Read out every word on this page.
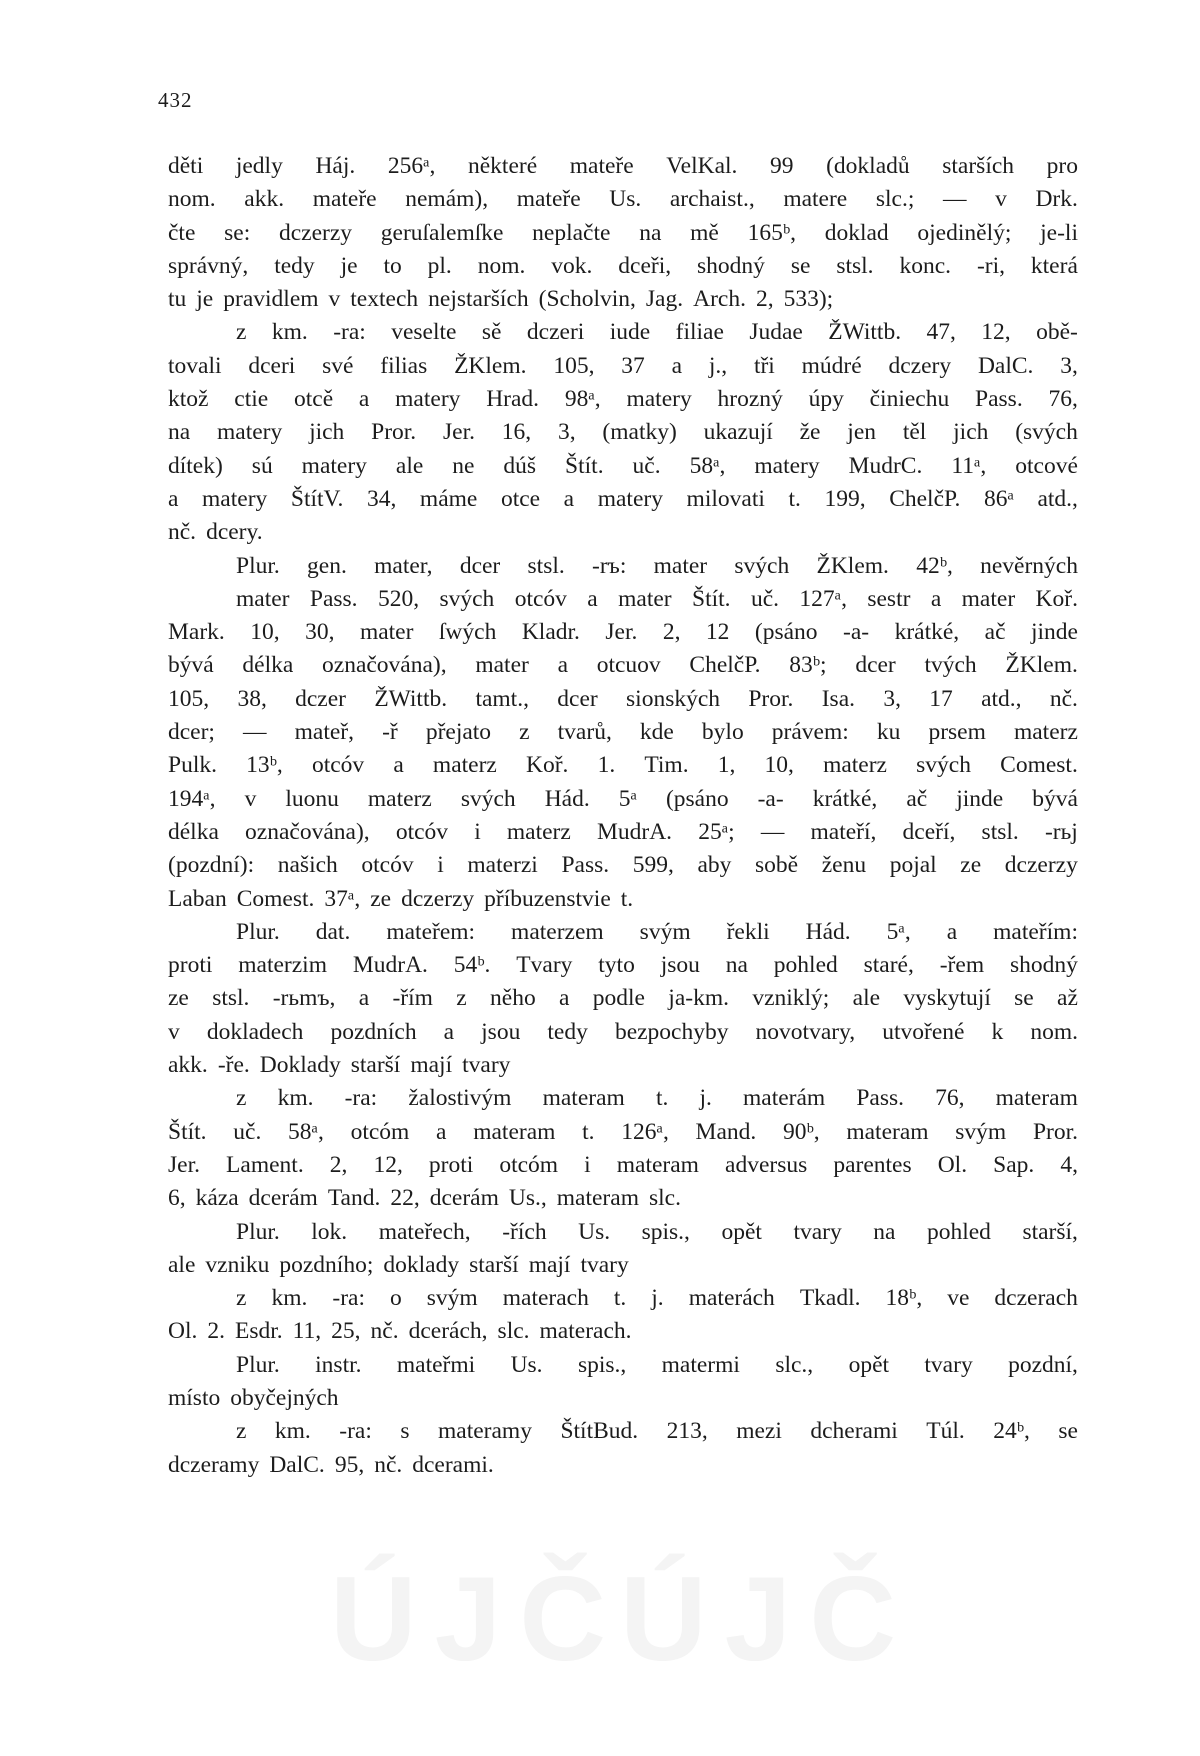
432
děti jedly Háj. 256ᵃ, některé mateře VelKal. 99 (dokladů starších pro
nom. akk. mateře nemám), mateře Us. archaist., matere slc.; — v Drk.
čte se: dczerzy geruſalemſke neplačte na mě 165ᵇ, doklad ojedinělý; je-li
správný, tedy je to pl. nom. vok. dceři, shodný se stsl. konc. -ri, která
tu je pravidlem v textech nejstarších (Scholvin, Jag. Arch. 2, 533);
z km. -ra: veselte sě dczeri iude filiae Judae ŽWittb. 47, 12, obě-
tovali dceri své filias ŽKlem. 105, 37 a j., tři múdré dczery DalC. 3,
ktož ctie otcě a matery Hrad. 98ᵃ, matery hrozný úpy činiechu Pass. 76,
na matery jich Pror. Jer. 16, 3, (matky) ukazují že jen těl jich (svých
dítek) sú matery ale ne dúš Štít. uč. 58ᵃ, matery MudrC. 11ᵃ, otcové
a matery ŠtítV. 34, máme otce a matery milovati t. 199, ChelčP. 86ᵃ atd.,
nč. dcery.
Plur. gen. mater, dcer stsl. -rъ: mater svých ŽKlem. 42ᵇ, nevěrných
mater Pass. 520, svých otcóv a mater Štít. uč. 127ᵃ, sestr a mater Koř.
Mark. 10, 30, mater ſwých Kladr. Jer. 2, 12 (psáno -a- krátké, ač jinde
bývá délka označována), mater a otcuov ChelčP. 83ᵇ; dcer tvých ŽKlem.
105, 38, dczer ŽWittb. tamt., dcer sionských Pror. Isa. 3, 17 atd., nč.
dcer; — mateř, -ř přejato z tvarů, kde bylo právem: ku prsem materz
Pulk. 13ᵇ, otcóv a materz Koř. 1. Tim. 1, 10, materz svých Comest.
194ᵃ, v luonu materz svých Hád. 5ᵃ (psáno -a- krátké, ač jinde bývá
délka označována), otcóv i materz MudrA. 25ᵃ; — mateří, dceří, stsl. -rьj
(pozdní): našich otcóv i materzi Pass. 599, aby sobě ženu pojal ze dczerzy
Laban Comest. 37ᵃ, ze dczerzy příbuzenstvie t.
Plur. dat. mateřem: materzem svým řekli Hád. 5ᵃ, a mateřím:
proti materzim MudrA. 54ᵇ. Tvary tyto jsou na pohled staré, -řem shodný
ze stsl. -rьmъ, a -řím z něho a podle ja-km. vzniklý; ale vyskytují se až
v dokladech pozdních a jsou tedy bezpochyby novotvary, utvořené k nom.
akk. -ře. Doklady starší mají tvary
z km. -ra: žalostivým materam t. j. materám Pass. 76, materam
Štít. uč. 58ᵃ, otcóm a materam t. 126ᵃ, Mand. 90ᵇ, materam svým Pror.
Jer. Lament. 2, 12, proti otcóm i materam adversus parentes Ol. Sap. 4,
6, káza dcerám Tand. 22, dcerám Us., materam slc.
Plur. lok. mateřech, -řích Us. spis., opět tvary na pohled starší,
ale vzniku pozdního; doklady starší mají tvary
z km. -ra: o svým materach t. j. materách Tkadl. 18ᵇ, ve dczerach
Ol. 2. Esdr. 11, 25, nč. dcerách, slc. materach.
Plur. instr. mateřmi Us. spis., matermi slc., opět tvary pozdní,
místo obyčejných
z km. -ra: s materamy ŠtítBud. 213, mezi dcherami Túl. 24ᵇ, se
dczeramy DalC. 95, nč. dcerami.
ÚJČ
ÚJČ
